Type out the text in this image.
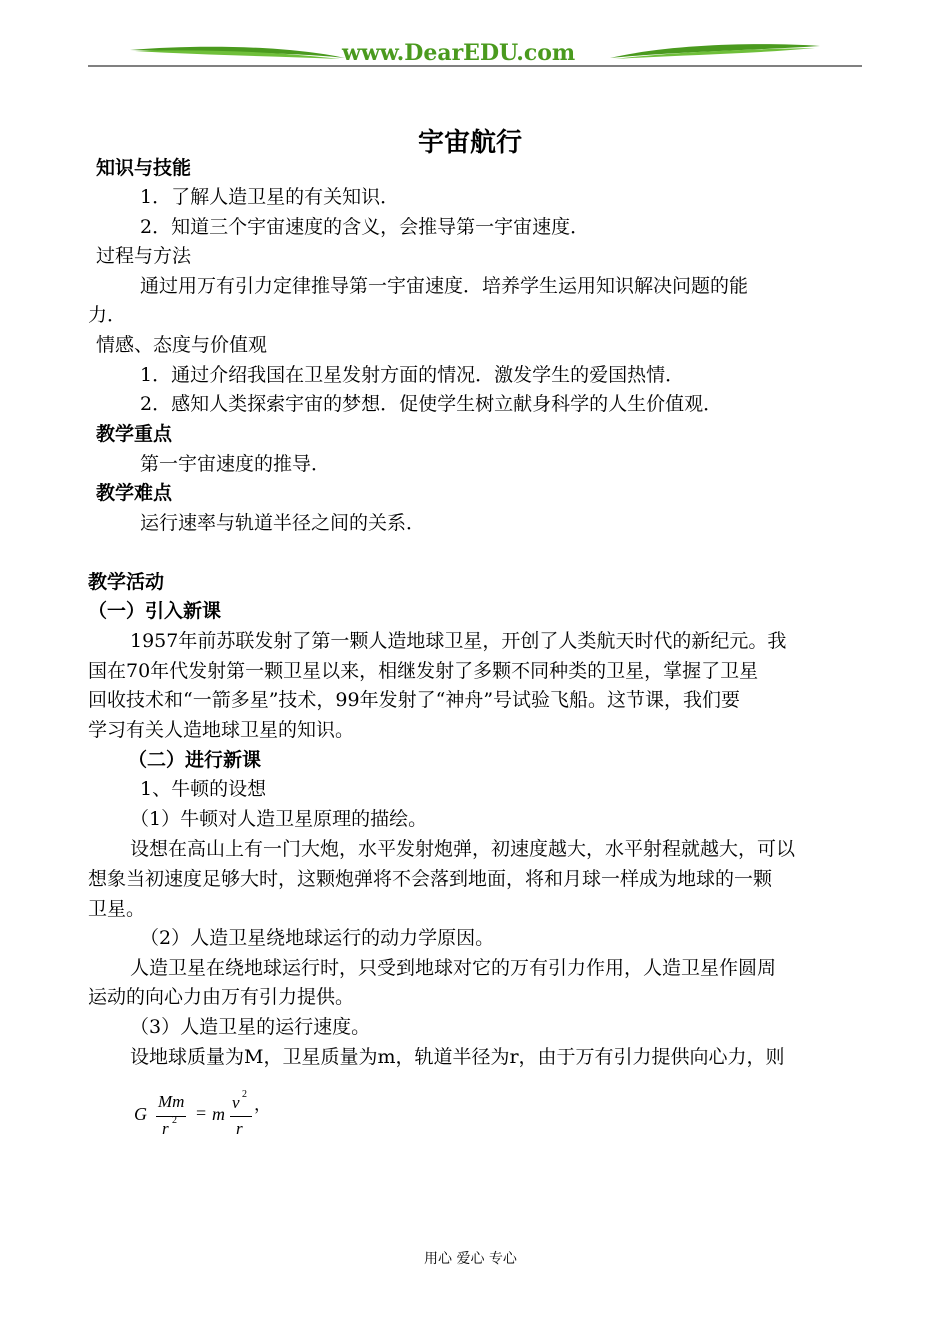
www.DearEDU.com
宇宙航行
知识与技能
1．了解人造卫星的有关知识．
2．知道三个宇宙速度的含义，会推导第一宇宙速度．
过程与方法
通过用万有引力定律推导第一宇宙速度．培养学生运用知识解决问题的能
力．
情感、态度与价值观
1．通过介绍我国在卫星发射方面的情况．激发学生的爱国热情．
2．感知人类探索宇宙的梦想．促使学生树立献身科学的人生价值观．
教学重点
第一宇宙速度的推导．
教学难点
运行速率与轨道半径之间的关系．
教学活动
（一）引入新课
1957年前苏联发射了第一颗人造地球卫星，开创了人类航天时代的新纪元。我
国在70年代发射第一颗卫星以来，相继发射了多颗不同种类的卫星，掌握了卫星
回收技术和“一箭多星”技术，99年发射了“神舟”号试验飞船。这节课，我们要
学习有关人造地球卫星的知识。
（二）进行新课
1、牛顿的设想
（1）牛顿对人造卫星原理的描绘。
设想在高山上有一门大炮，水平发射炮弹，初速度越大，水平射程就越大，可以
想象当初速度足够大时，这颗炮弹将不会落到地面，将和月球一样成为地球的一颗
卫星。
（2）人造卫星绕地球运行的动力学原因。
人造卫星在绕地球运行时，只受到地球对它的万有引力作用，人造卫星作圆周
运动的向心力由万有引力提供。
（3）人造卫星的运行速度。
设地球质量为M，卫星质量为m，轨道半径为r，由于万有引力提供向心力，则
G
Mm
r 2 = m
v 2
r
，
用心 爱心 专心
